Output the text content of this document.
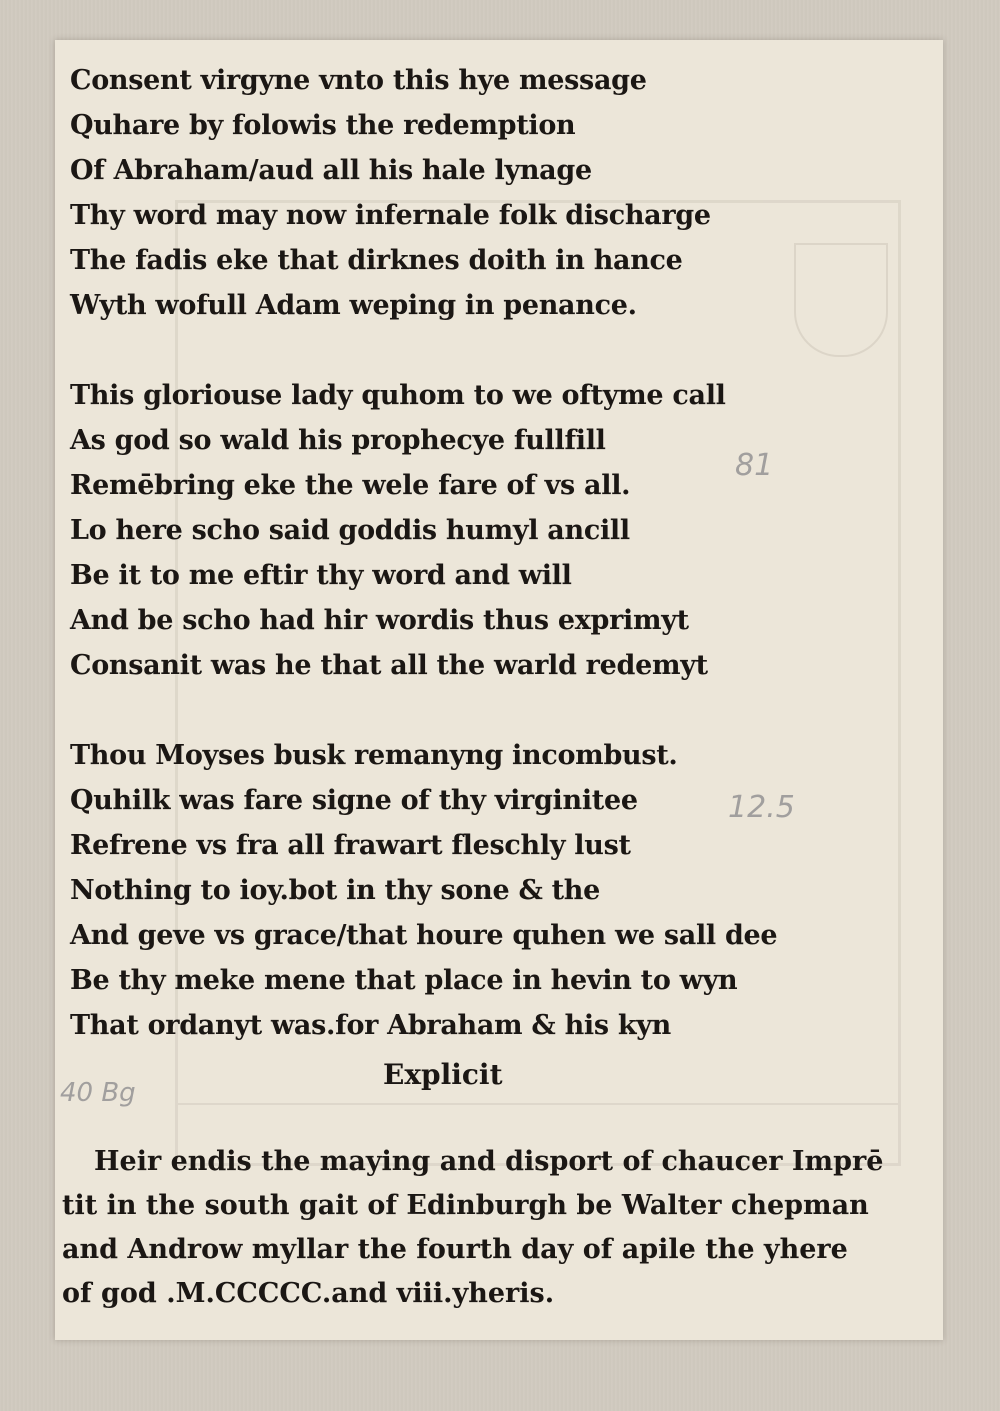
Consent virgyne vnto this hye message
Quhare by folowis the redemption
Of Abraham/aud all his hale lynage
Thy word may now infernale folk discharge
The fadis eke that dirknes doith in hance
Wyth wofull Adam weping in penance.
This gloriouse lady quhom to we oftyme call
As god so wald his prophecye fullfill
Remēbring eke the wele fare of vs all.
Lo here scho said goddis humyl ancill
Be it to me eftir thy word and will
And be scho had hir wordis thus exprimyt
Consanit was he that all the warld redemyt
Thou Moyses busk remanyng incombust.
Quhilk was fare signe of thy virginitee
Refrene vs fra all frawart fleschly lust
Nothing to ioy.bot in thy sone & the
And geve vs grace/that houre quhen we sall dee
Be thy meke mene that place in hevin to wyn
That ordanyt was.for Abraham & his kyn
Explicit
Heir endis the maying and disport of chaucer Imprē
tit in the south gait of Edinburgh be Walter chepman
and Androw myllar the fourth day of apile the yhere
of god .M.CCCCC.and viii.yheris.
81
12.5
40 Bg
